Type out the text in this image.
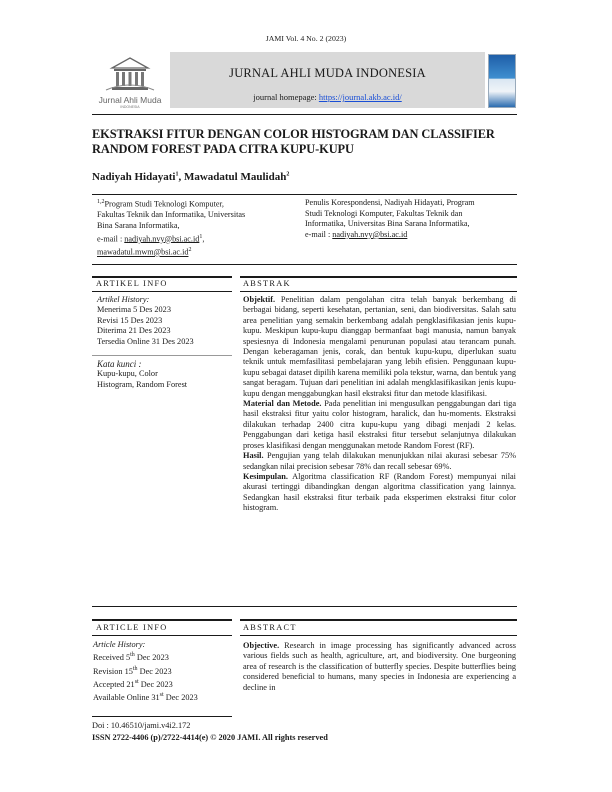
JAMI Vol. 4 No. 2 (2023)
Jurnal Ahli Muda
INDONESIA
JURNAL AHLI MUDA INDONESIA
journal homepage: https://journal.akb.ac.id/
EKSTRAKSI FITUR DENGAN COLOR HISTOGRAM DAN CLASSIFIER
RANDOM FOREST PADA CITRA KUPU-KUPU
Nadiyah Hidayati$^1$, Mawadatul Maulidah$^2$
$^{1,2}$Program Studi Teknologi Komputer,
Fakultas Teknik dan Informatika, Universitas
Bina Sarana Informatika,
e-mail : $nadiyah.nvy@bsi.ac.id^1$,
$mawadatul.mwm@bsi.ac.id^2$
Penulis Korespondensi, Nadiyah Hidayati, Program
Studi Teknologi Komputer, Fakultas Teknik dan
Informatika, Universitas Bina Sarana Informatika,
e-mail : nadiyah.nvy@bsi.ac.id
ARTIKEL INFO	ABSTRAK
Artikel History:
Menerima 5 Des 2023
Revisi 15 Des 2023
Diterima 21 Des 2023
Tersedia Online 31 Des 2023
Kata kunci :
Kupu-kupu, Color
Histogram, Random Forest
Objektif. Penelitian dalam pengolahan citra telah banyak berkembang di berbagai bidang, seperti kesehatan, pertanian, seni, dan biodiversitas. Salah satu area penelitian yang semakin berkembang adalah pengklasifikasian jenis kupu-kupu. Meskipun kupu-kupu dianggap bermanfaat bagi manusia, namun banyak spesiesnya di Indonesia mengalami penurunan populasi atau terancam punah. Dengan keberagaman jenis, corak, dan bentuk kupu-kupu, diperlukan suatu teknik untuk memfasilitasi pembelajaran yang lebih efisien. Penggunaan kupu-kupu sebagai dataset dipilih karena memiliki pola tekstur, warna, dan bentuk yang sangat beragam. Tujuan dari penelitian ini adalah mengklasifikasikan jenis kupu-kupu dengan menggabungkan hasil ekstraksi fitur dan metode klasifikasi.
Material dan Metode. Pada penelitian ini mengusulkan penggabungan dari tiga hasil ekstraksi fitur yaitu color histogram, haralick, dan hu-moments. Ekstraksi dilakukan terhadap 2400 citra kupu-kupu yang dibagi menjadi 2 kelas. Penggabungan dari ketiga hasil ekstraksi fitur tersebut selanjutnya dilakukan proses klasifikasi dengan menggunakan metode Random Forest (RF).
Hasil. Pengujian yang telah dilakukan menunjukkan nilai akurasi sebesar 75% sedangkan nilai precision sebesar 78% dan recall sebesar 69%.
Kesimpulan. Algoritma classification RF (Random Forest) mempunyai nilai akurasi tertinggi dibandingkan dengan algoritma classification yang lainnya. Sedangkan hasil ekstraksi fitur terbaik pada eksperimen ekstraksi fitur color histogram.
ARTICLE INFO	ABSTRACT
Article History:
Received 5th Dec 2023
Revision 15th Dec 2023
Accepted 21st Dec 2023
Available Online 31st Dec 2023
Objective. Research in image processing has significantly advanced across various fields such as health, agriculture, art, and biodiversity. One burgeoning area of research is the classification of butterfly species. Despite butterflies being considered beneficial to humans, many species in Indonesia are experiencing a decline in
Doi : 10.46510/jami.v4i2.172
ISSN 2722-4406 (p)/2722-4414(e) © 2020 JAMI. All rights reserved
